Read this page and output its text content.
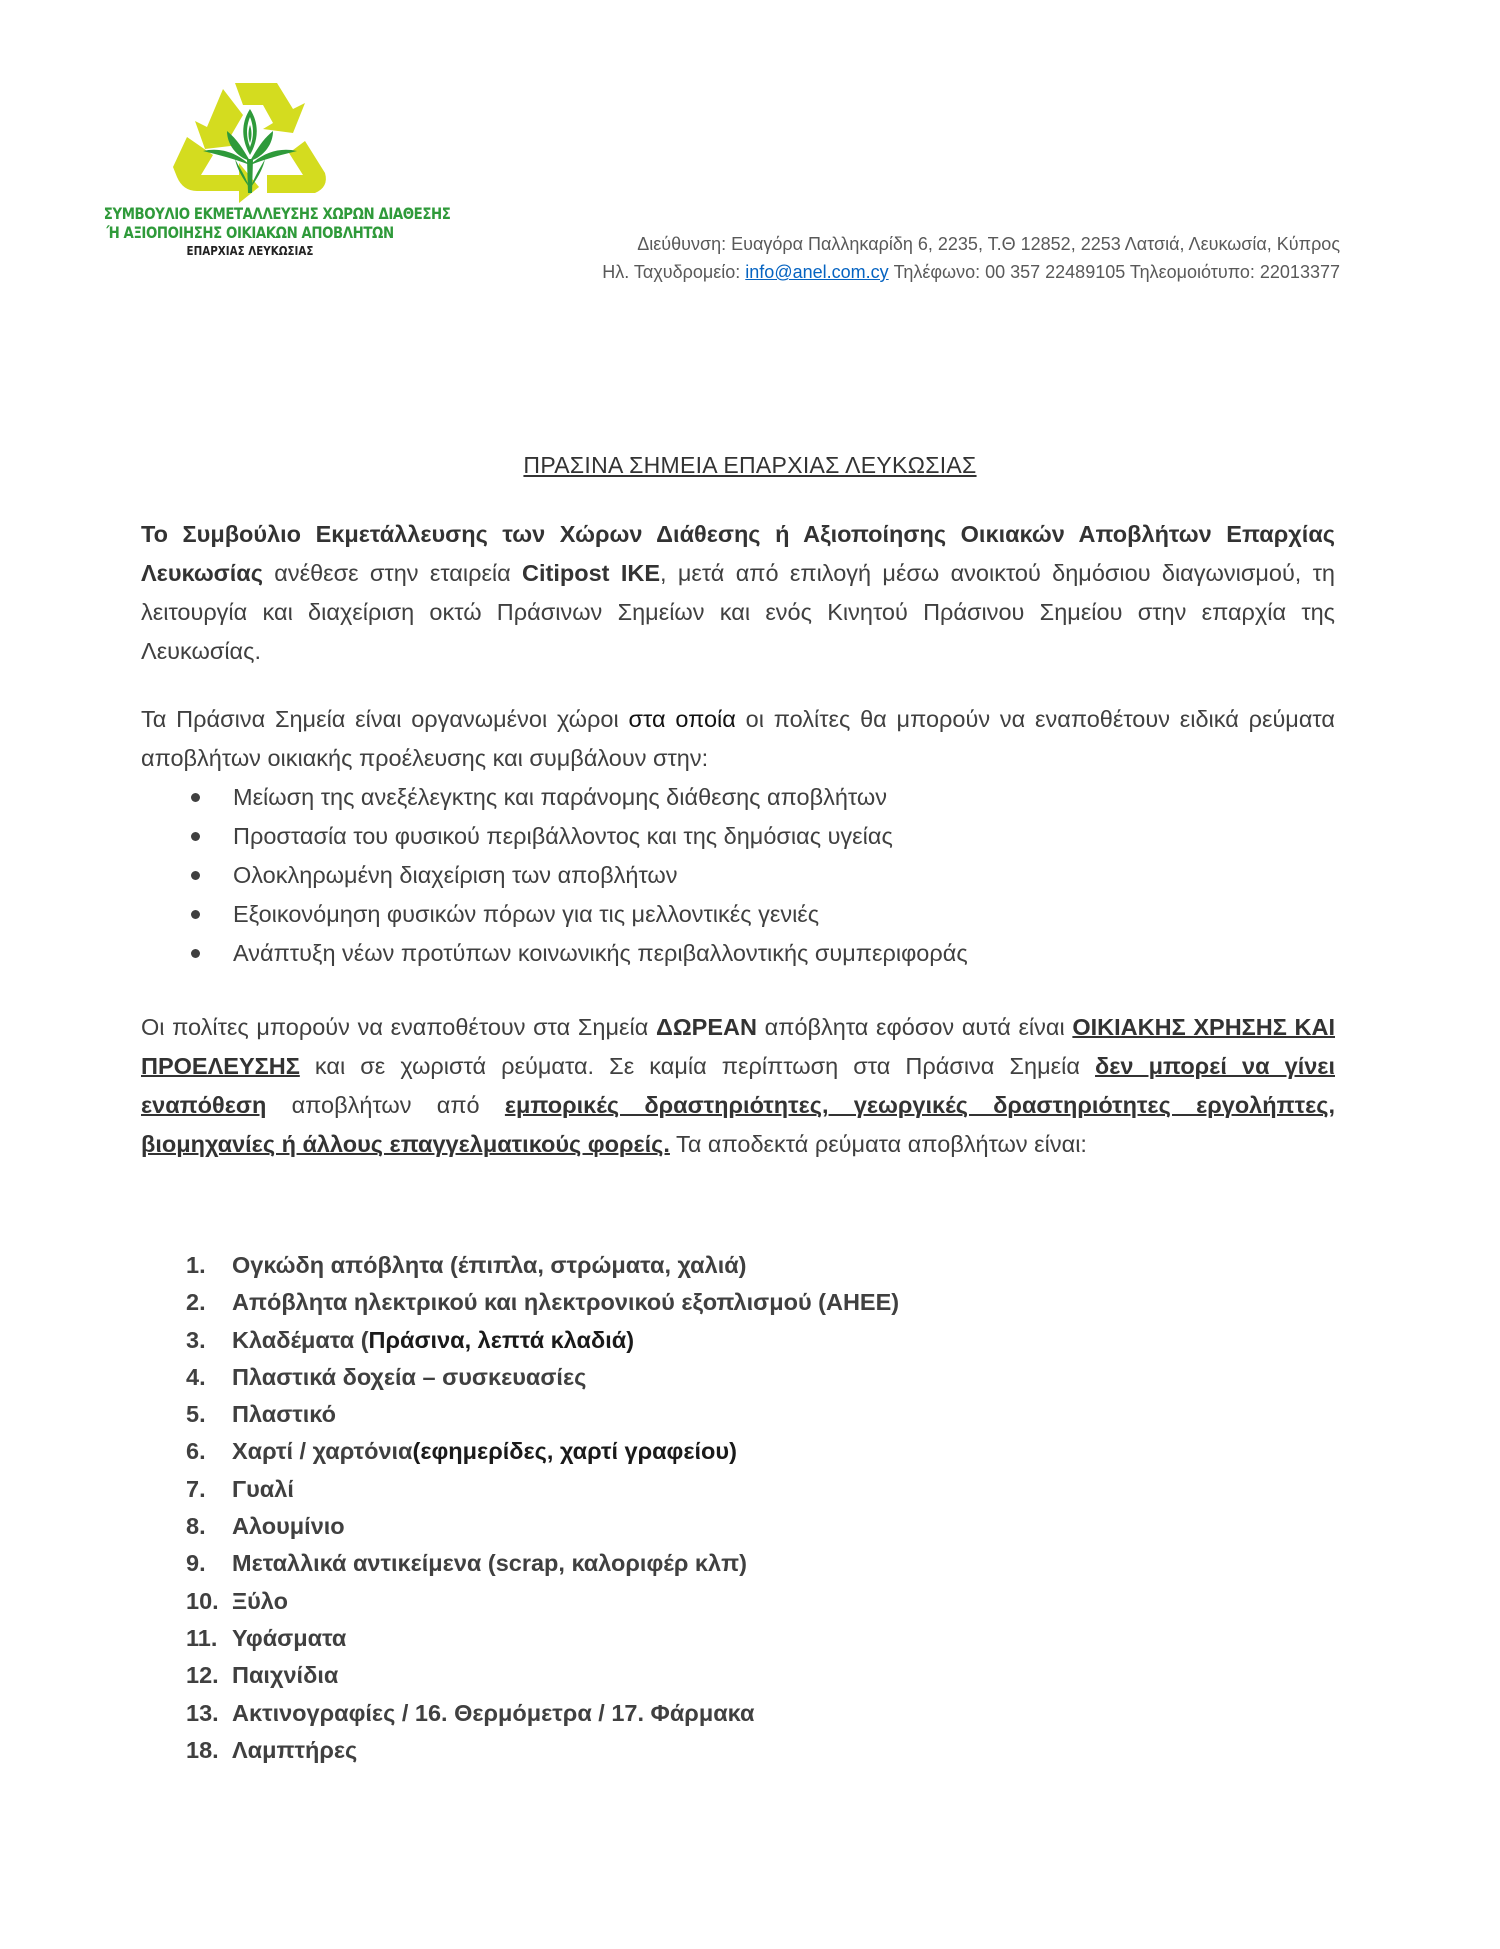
ΣΥΜΒΟΥΛΙΟ ΕΚΜΕΤΑΛΛΕΥΣΗΣ ΧΩΡΩΝ ΔΙΑΘΕΣΗΣ
Ή ΑΞΙΟΠΟΙΗΣΗΣ ΟΙΚΙΑΚΩΝ ΑΠΟΒΛΗΤΩΝ
ΕΠΑΡΧΙΑΣ ΛΕΥΚΩΣΙΑΣ	Διεύθυνση: Ευαγόρα Παλληκαρίδη 6, 2235, Τ.Θ 12852, 2253 Λατσιά, Λευκωσία, Κύπρος
Ηλ. Ταχυδρομείο: info@anel.com.cy Τηλέφωνο: 00 357 22489105 Τηλεομοιότυπο: 22013377
ΠΡΑΣΙΝΑ ΣΗΜΕΙΑ ΕΠΑΡΧΙΑΣ ΛΕΥΚΩΣΙΑΣ
Το Συμβούλιο Εκμετάλλευσης των Χώρων Διάθεσης ή Αξιοποίησης Οικιακών Αποβλήτων Επαρχίας Λευκωσίας ανέθεσε στην εταιρεία Citipost ΙΚΕ, μετά από επιλογή μέσω ανοικτού δημόσιου διαγωνισμού, τη λειτουργία και διαχείριση οκτώ Πράσινων Σημείων και ενός Κινητού Πράσινου Σημείου στην επαρχία της Λευκωσίας.
Τα Πράσινα Σημεία είναι οργανωμένοι χώροι στα οποία οι πολίτες θα μπορούν να εναποθέτουν ειδικά ρεύματα αποβλήτων οικιακής προέλευσης και συμβάλουν στην:
Μείωση της ανεξέλεγκτης και παράνομης διάθεσης αποβλήτων
Προστασία του φυσικού περιβάλλοντος και της δημόσιας υγείας
Ολοκληρωμένη διαχείριση των αποβλήτων
Εξοικονόμηση φυσικών πόρων για τις μελλοντικές γενιές
Ανάπτυξη νέων προτύπων κοινωνικής περιβαλλοντικής συμπεριφοράς
Οι πολίτες μπορούν να εναποθέτουν στα Σημεία ΔΩΡΕΑΝ απόβλητα εφόσον αυτά είναι ΟΙΚΙΑΚΗΣ ΧΡΗΣΗΣ ΚΑΙ ΠΡΟΕΛΕΥΣΗΣ και σε χωριστά ρεύματα. Σε καμία περίπτωση στα Πράσινα Σημεία δεν μπορεί να γίνει εναπόθεση αποβλήτων από εμπορικές δραστηριότητες, γεωργικές δραστηριότητες εργολήπτες, βιομηχανίες ή άλλους επαγγελματικούς φορείς. Τα αποδεκτά ρεύματα αποβλήτων είναι:
1.	Ογκώδη απόβλητα (έπιπλα, στρώματα, χαλιά)
2.	Απόβλητα ηλεκτρικού και ηλεκτρονικού εξοπλισμού (ΑΗΕΕ)
3.	Κλαδέματα ( Πράσινα, λεπτά κλαδιά)
4.	Πλαστικά δοχεία – συσκευασίες
5.	Πλαστικό
6.	Χαρτί / χαρτόνια (εφημερίδες, χαρτί γραφείου)
7.	Γυαλί
8.	Αλουμίνιο
9.	Μεταλλικά αντικείμενα (scrap, καλοριφέρ κλπ)
10. Ξύλο
11. Υφάσματα
12. Παιχνίδια
13. Ακτινογραφίες / 16. Θερμόμετρα / 17. Φάρμακα
18. Λαμπτήρες
